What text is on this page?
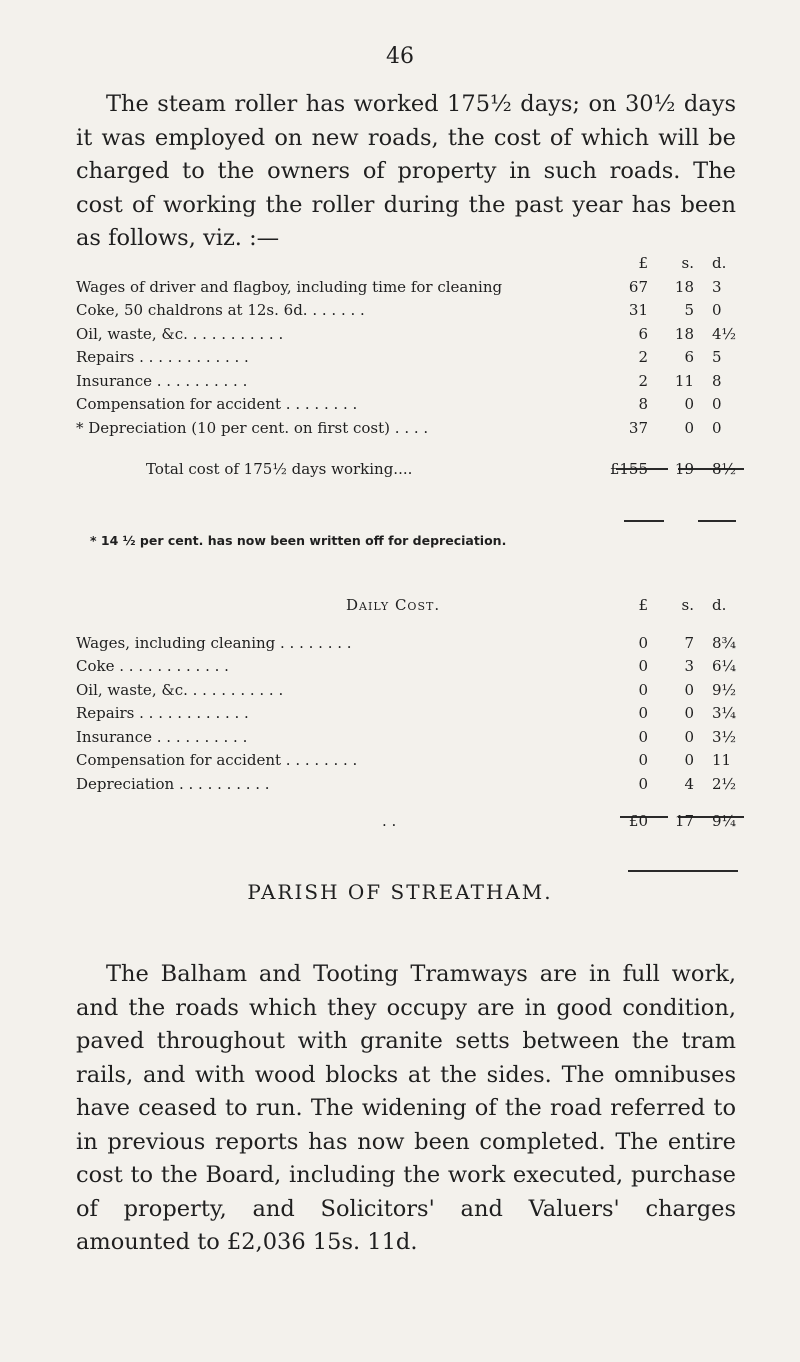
46

The steam roller has worked 175½ days; on 30½ days it was employed on new roads, the cost of which will be charged to the owners of property in such roads. The cost of working the roller during the past year has been as follows, viz. :—

£	s.	d.
Wages of driver and flagboy, including time for cleaning	67	18	3
Coke, 50 chaldrons at 12s. 6d. . . . . . .	31	5	0
Oil, waste, &c. . . . . . . . . . .	6	18	4½
Repairs . . . . . . . . . . . .	2	6	5
Insurance . . . . . . . . . .	2	11	8
Compensation for accident . . . . . . . .	8	0	0
* Depreciation (10 per cent. on first cost) . . . .	37	0	0
Total cost of 175½ days working....	£155	19	8½
* 14 ½ per cent. has now been written off for depreciation.
Daily Cost.	£	s.	d.
Wages, including cleaning . . . . . . . .	0	7	8¾
Coke . . . . . . . . . . . .	0	3	6¼
Oil, waste, &c. . . . . . . . . . .	0	0	9½
Repairs . . . . . . . . . . . .	0	0	3¼
Insurance . . . . . . . . . .	0	0	3½
Compensation for accident . . . . . . . .	0	0	11
Depreciation . . . . . . . . . .	0	4	2½
. .	£0	17	9¼
PARISH OF STREATHAM.

The Balham and Tooting Tramways are in full work, and the roads which they occupy are in good condition, paved throughout with granite setts between the tram rails, and with wood blocks at the sides. The omnibuses have ceased to run. The widening of the road referred to in previous reports has now been completed. The entire cost to the Board, including the work executed, purchase of property, and Solicitors' and Valuers' charges amounted to £2,036 15s. 11d.
